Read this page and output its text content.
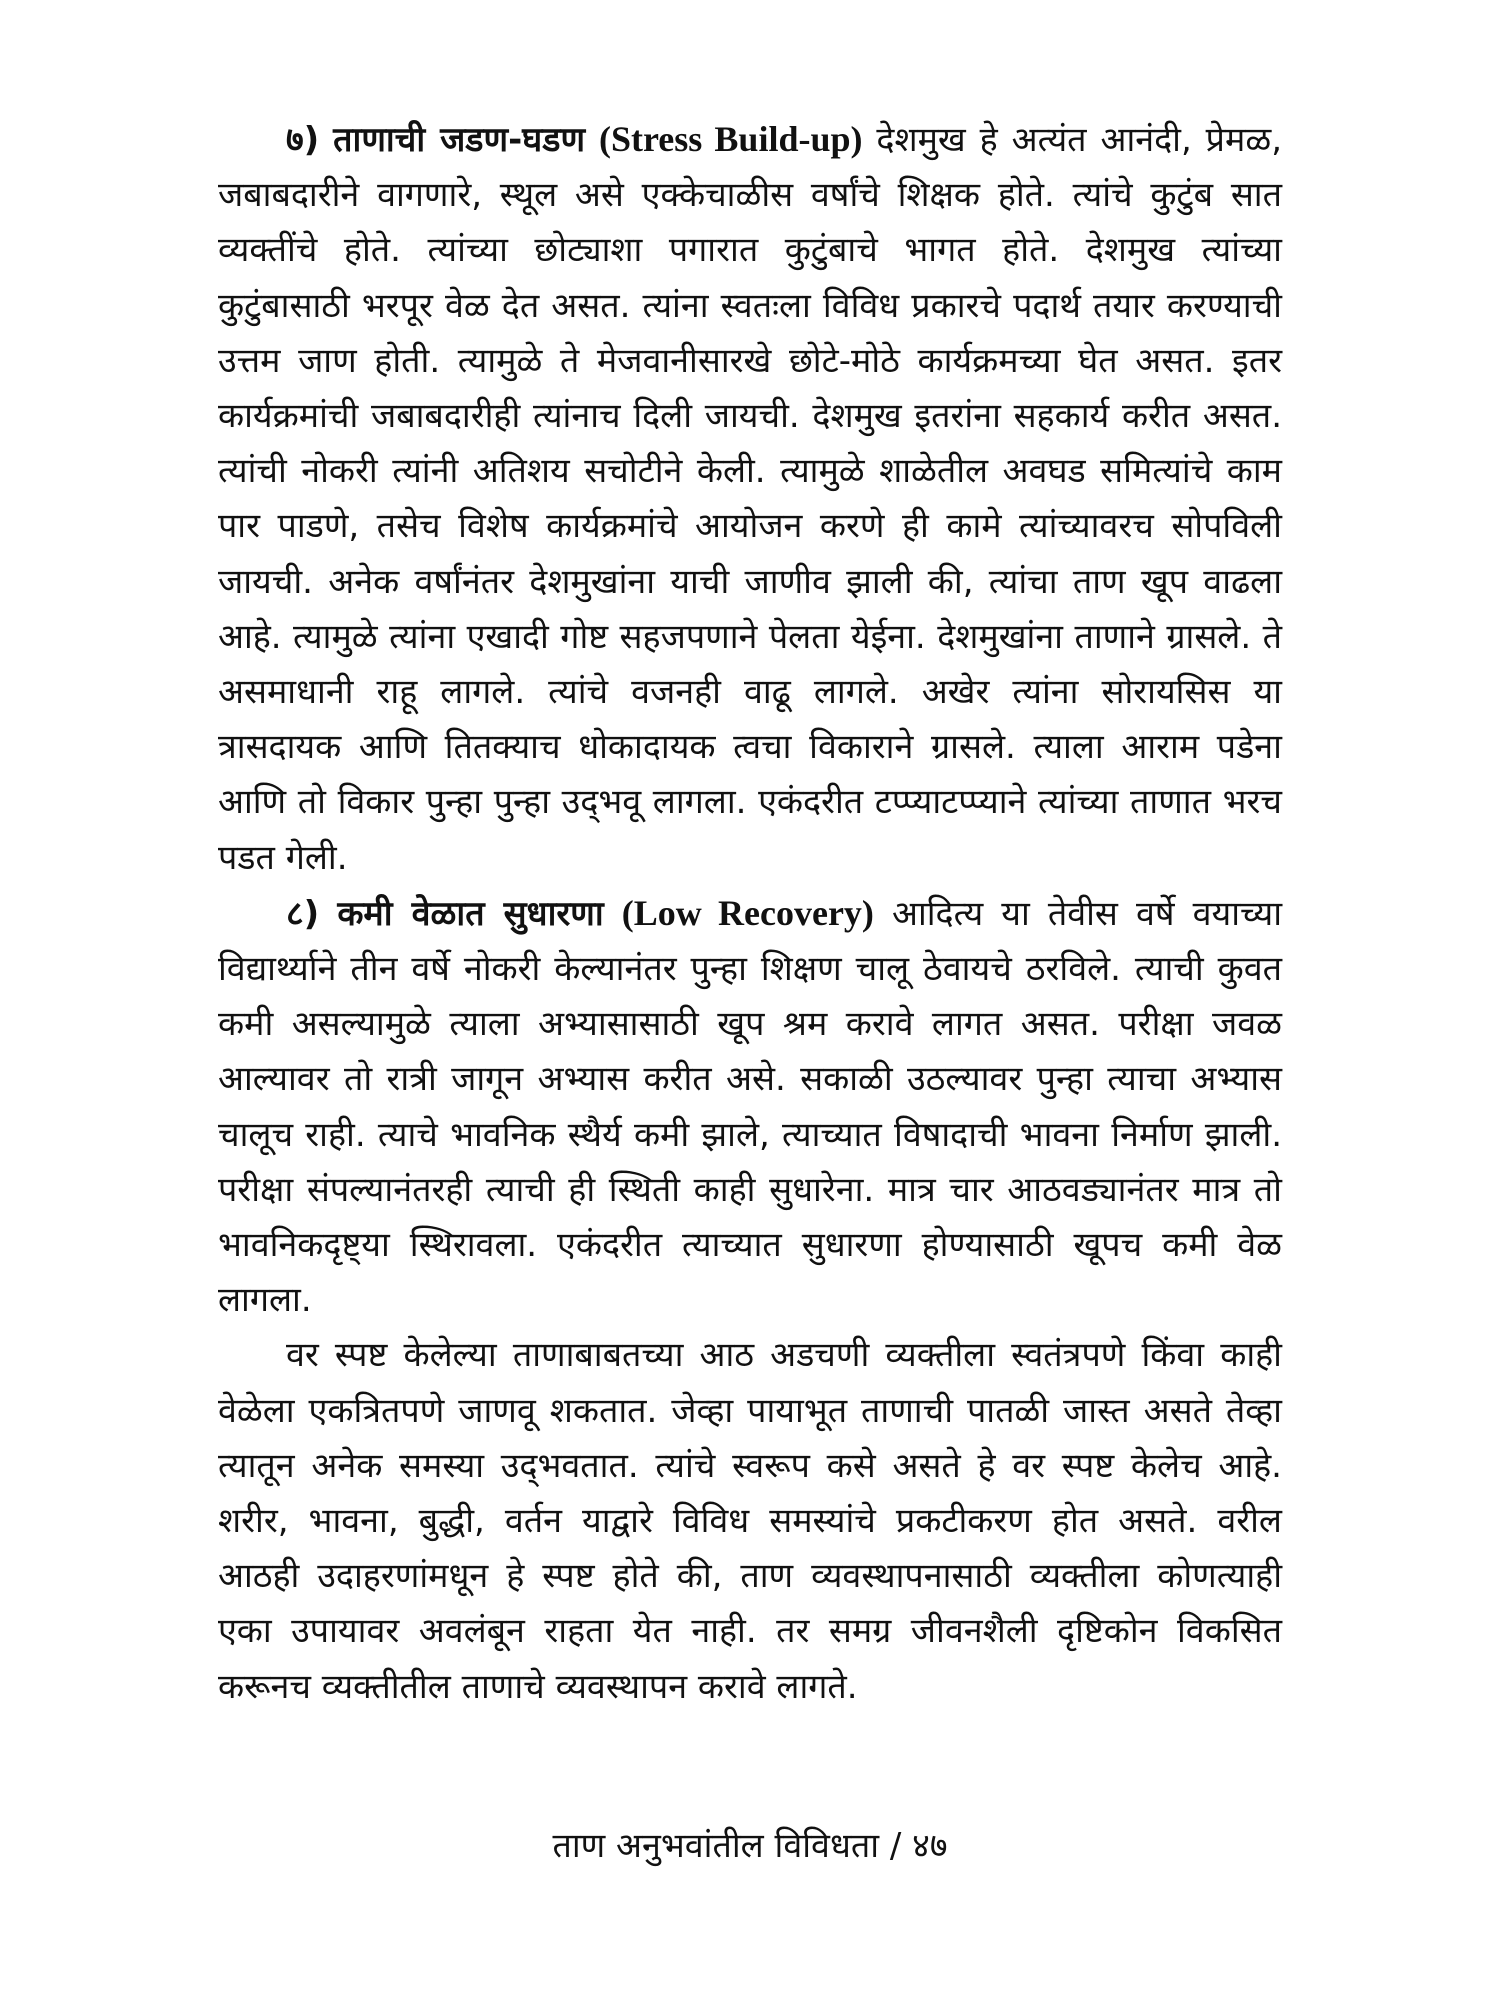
७) ताणाची जडण-घडण (Stress Build-up) देशमुख हे अत्यंत आनंदी, प्रेमळ, जबाबदारीने वागणारे, स्थूल असे एक्केचाळीस वर्षांचे शिक्षक होते. त्यांचे कुटुंब सात व्यक्तींचे होते. त्यांच्या छोट्याशा पगारात कुटुंबाचे भागत होते. देशमुख त्यांच्या कुटुंबासाठी भरपूर वेळ देत असत. त्यांना स्वतःला विविध प्रकारचे पदार्थ तयार करण्याची उत्तम जाण होती. त्यामुळे ते मेजवानीसारखे छोटे-मोठे कार्यक्रमच्या घेत असत. इतर कार्यक्रमांची जबाबदारीही त्यांनाच दिली जायची. देशमुख इतरांना सहकार्य करीत असत. त्यांची नोकरी त्यांनी अतिशय सचोटीने केली. त्यामुळे शाळेतील अवघड समित्यांचे काम पार पाडणे, तसेच विशेष कार्यक्रमांचे आयोजन करणे ही कामे त्यांच्यावरच सोपविली जायची. अनेक वर्षांनंतर देशमुखांना याची जाणीव झाली की, त्यांचा ताण खूप वाढला आहे. त्यामुळे त्यांना एखादी गोष्ट सहजपणाने पेलता येईना. देशमुखांना ताणाने ग्रासले. ते असमाधानी राहू लागले. त्यांचे वजनही वाढू लागले. अखेर त्यांना सोरायसिस या त्रासदायक आणि तितक्याच धोकादायक त्वचा विकाराने ग्रासले. त्याला आराम पडेना आणि तो विकार पुन्हा पुन्हा उद्‌भवू लागला. एकंदरीत टप्प्याटप्प्याने त्यांच्या ताणात भरच पडत गेली.

८) कमी वेळात सुधारणा (Low Recovery) आदित्य या तेवीस वर्षे वयाच्या विद्यार्थ्याने तीन वर्षे नोकरी केल्यानंतर पुन्हा शिक्षण चालू ठेवायचे ठरविले. त्याची कुवत कमी असल्यामुळे त्याला अभ्यासासाठी खूप श्रम करावे लागत असत. परीक्षा जवळ आल्यावर तो रात्री जागून अभ्यास करीत असे. सकाळी उठल्यावर पुन्हा त्याचा अभ्यास चालूच राही. त्याचे भावनिक स्थैर्य कमी झाले, त्याच्यात विषादाची भावना निर्माण झाली. परीक्षा संपल्यानंतरही त्याची ही स्थिती काही सुधारेना. मात्र चार आठवड्यानंतर मात्र तो भावनिकदृष्ट्या स्थिरावला. एकंदरीत त्याच्यात सुधारणा होण्यासाठी खूपच कमी वेळ लागला.

वर स्पष्ट केलेल्या ताणाबाबतच्या आठ अडचणी व्यक्तीला स्वतंत्रपणे किंवा काही वेळेला एकत्रितपणे जाणवू शकतात. जेव्हा पायाभूत ताणाची पातळी जास्त असते तेव्हा त्यातून अनेक समस्या उद्‌भवतात. त्यांचे स्वरूप कसे असते हे वर स्पष्ट केलेच आहे. शरीर, भावना, बुद्धी, वर्तन याद्वारे विविध समस्यांचे प्रकटीकरण होत असते. वरील आठही उदाहरणांमधून हे स्पष्ट होते की, ताण व्यवस्थापनासाठी व्यक्तीला कोणत्याही एका उपायावर अवलंबून राहता येत नाही. तर समग्र जीवनशैली दृष्टिकोन विकसित करूनच व्यक्तीतील ताणाचे व्यवस्थापन करावे लागते.

ताण अनुभवांतील विविधता / ४७
